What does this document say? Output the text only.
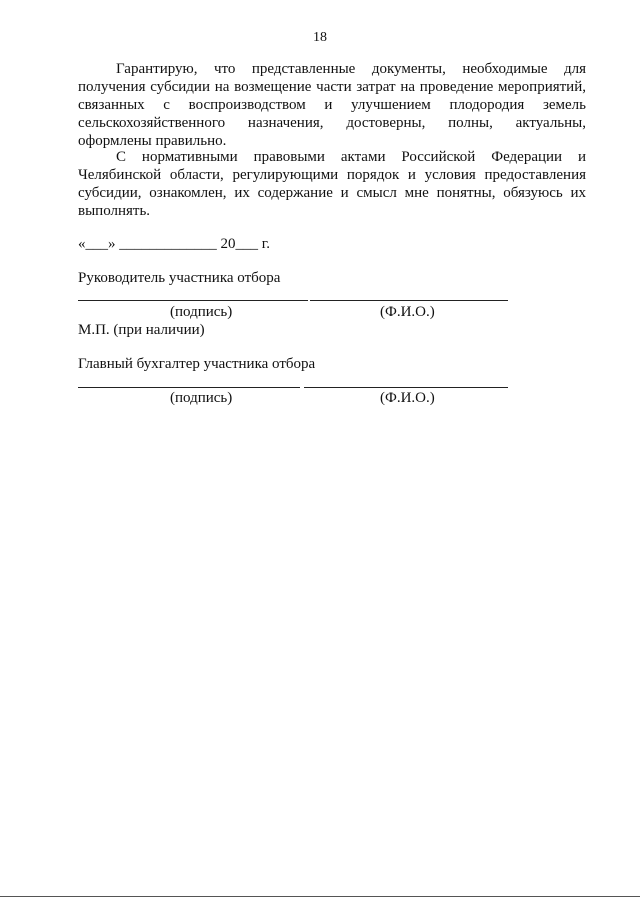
18

Гарантирую, что представленные документы, необходимые для получения субсидии на возмещение части затрат на проведение мероприятий, связанных с воспроизводством и улучшением плодородия земель сельскохозяйственного назначения, достоверны, полны, актуальны, оформлены правильно.

С нормативными правовыми актами Российской Федерации и Челябинской области, регулирующими порядок и условия предоставления субсидии, ознакомлен, их содержание и смысл мне понятны, обязуюсь их выполнять.

«___» _____________ 20___ г.
Руководитель участника отбора
(подпись)	(Ф.И.О.)
М.П. (при наличии)
Главный бухгалтер участника отбора
(подпись)	(Ф.И.О.)
